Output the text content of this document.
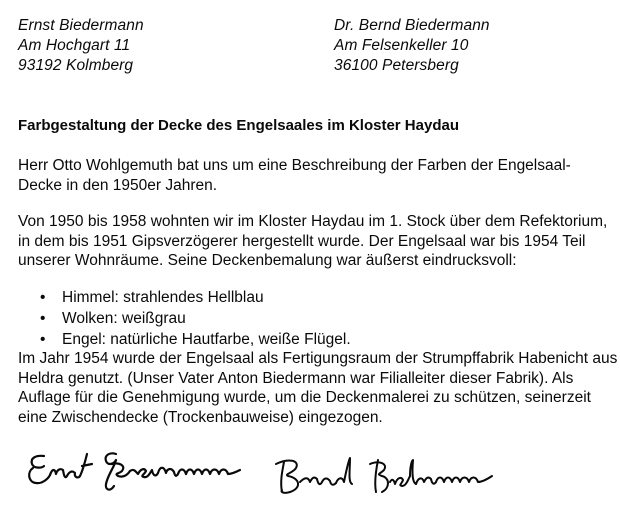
Ernst Biedermann
Am Hochgart 11
93192 Kolmberg
Dr. Bernd Biedermann
Am Felsenkeller 10
36100 Petersberg
Farbgestaltung der Decke des Engelsaales im Kloster Haydau

Herr Otto Wohlgemuth bat uns um eine Beschreibung der Farben der Engelsaal-Decke in den 1950er Jahren.

Von 1950 bis 1958 wohnten wir im Kloster Haydau im 1. Stock über dem Refektorium, in dem bis 1951 Gipsverzögerer hergestellt wurde. Der Engelsaal war bis 1954 Teil unserer Wohnräume. Seine Deckenbemalung war äußerst eindrucksvoll:

• Himmel: strahlendes Hellblau
• Wolken: weißgrau
• Engel: natürliche Hautfarbe, weiße Flügel.

Im Jahr 1954 wurde der Engelsaal als Fertigungsraum der Strumpffabrik Habenicht aus Heldra genutzt. (Unser Vater Anton Biedermann war Filialleiter dieser Fabrik). Als Auflage für die Genehmigung wurde, um die Deckenmalerei zu schützen, seinerzeit eine Zwischendecke (Trockenbauweise) eingezogen.
